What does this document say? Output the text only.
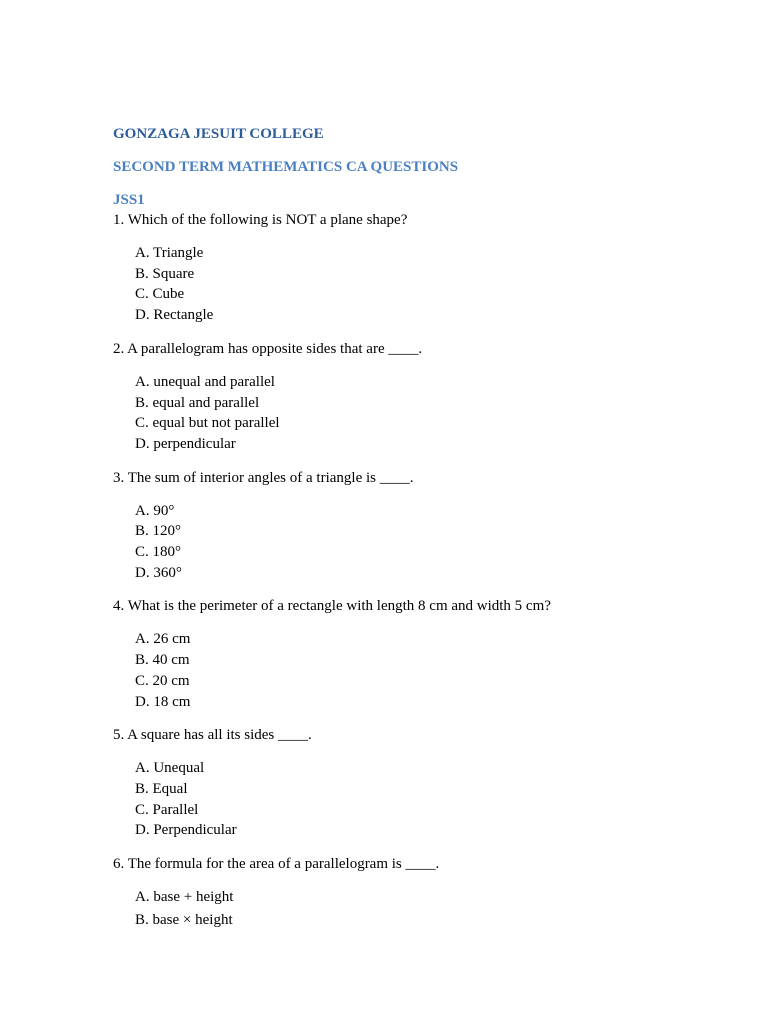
GONZAGA JESUIT COLLEGE

SECOND TERM MATHEMATICS CA QUESTIONS

JSS1

1. Which of the following is NOT a plane shape?

A. Triangle
B. Square
C. Cube
D. Rectangle

2. A parallelogram has opposite sides that are ____.

A. unequal and parallel
B. equal and parallel
C. equal but not parallel
D. perpendicular

3. The sum of interior angles of a triangle is ____.

A. 90°
B. 120°
C. 180°
D. 360°

4. What is the perimeter of a rectangle with length 8 cm and width 5 cm?

A. 26 cm
B. 40 cm
C. 20 cm
D. 18 cm

5. A square has all its sides ____.

A. Unequal
B. Equal
C. Parallel
D. Perpendicular

6. The formula for the area of a parallelogram is ____.

A. base + height
B. base × height
